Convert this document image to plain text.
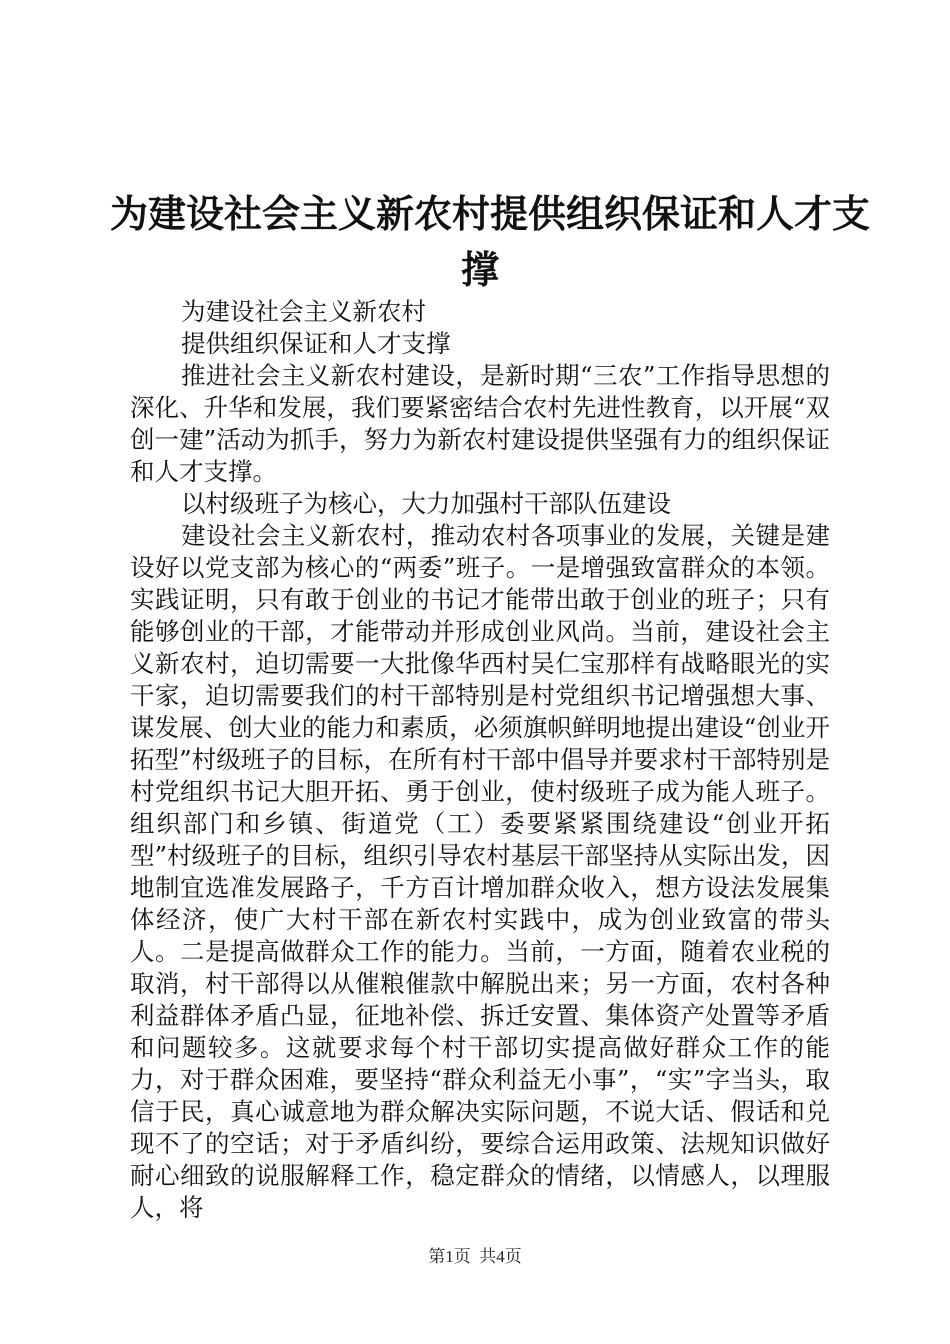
为建设社会主义新农村提供组织保证和人才支
撑

为建设社会主义新农村

提供组织保证和人才支撑

推进社会主义新农村建设，是新时期“三农”工作指导思想的深化、升华和发展，我们要紧密结合农村先进性教育，以开展“双创一建”活动为抓手，努力为新农村建设提供坚强有力的组织保证和人才支撑。

以村级班子为核心，大力加强村干部队伍建设

建设社会主义新农村，推动农村各项事业的发展，关键是建设好以党支部为核心的“两委”班子。一是增强致富群众的本领。实践证明，只有敢于创业的书记才能带出敢于创业的班子；只有能够创业的干部，才能带动并形成创业风尚。当前，建设社会主义新农村，迫切需要一大批像华西村吴仁宝那样有战略眼光的实干家，迫切需要我们的村干部特别是村党组织书记增强想大事、谋发展、创大业的能力和素质，必须旗帜鲜明地提出建设“创业开拓型”村级班子的目标，在所有村干部中倡导并要求村干部特别是村党组织书记大胆开拓、勇于创业，使村级班子成为能人班子。组织部门和乡镇、街道党（工）委要紧紧围绕建设“创业开拓型”村级班子的目标，组织引导农村基层干部坚持从实际出发，因地制宜选准发展路子，千方百计增加群众收入，想方设法发展集体经济，使广大村干部在新农村实践中，成为创业致富的带头人。二是提高做群众工作的能力。当前，一方面，随着农业税的取消，村干部得以从催粮催款中解脱出来；另一方面，农村各种利益群体矛盾凸显，征地补偿、拆迁安置、集体资产处置等矛盾和问题较多。这就要求每个村干部切实提高做好群众工作的能力，对于群众困难，要坚持“群众利益无小事”，“实”字当头，取信于民，真心诚意地为群众解决实际问题，不说大话、假话和兑现不了的空话；对于矛盾纠纷，要综合运用政策、法规知识做好耐心细致的说服解释工作，稳定群众的情绪，以情感人，以理服人，将

第1页  共4页
